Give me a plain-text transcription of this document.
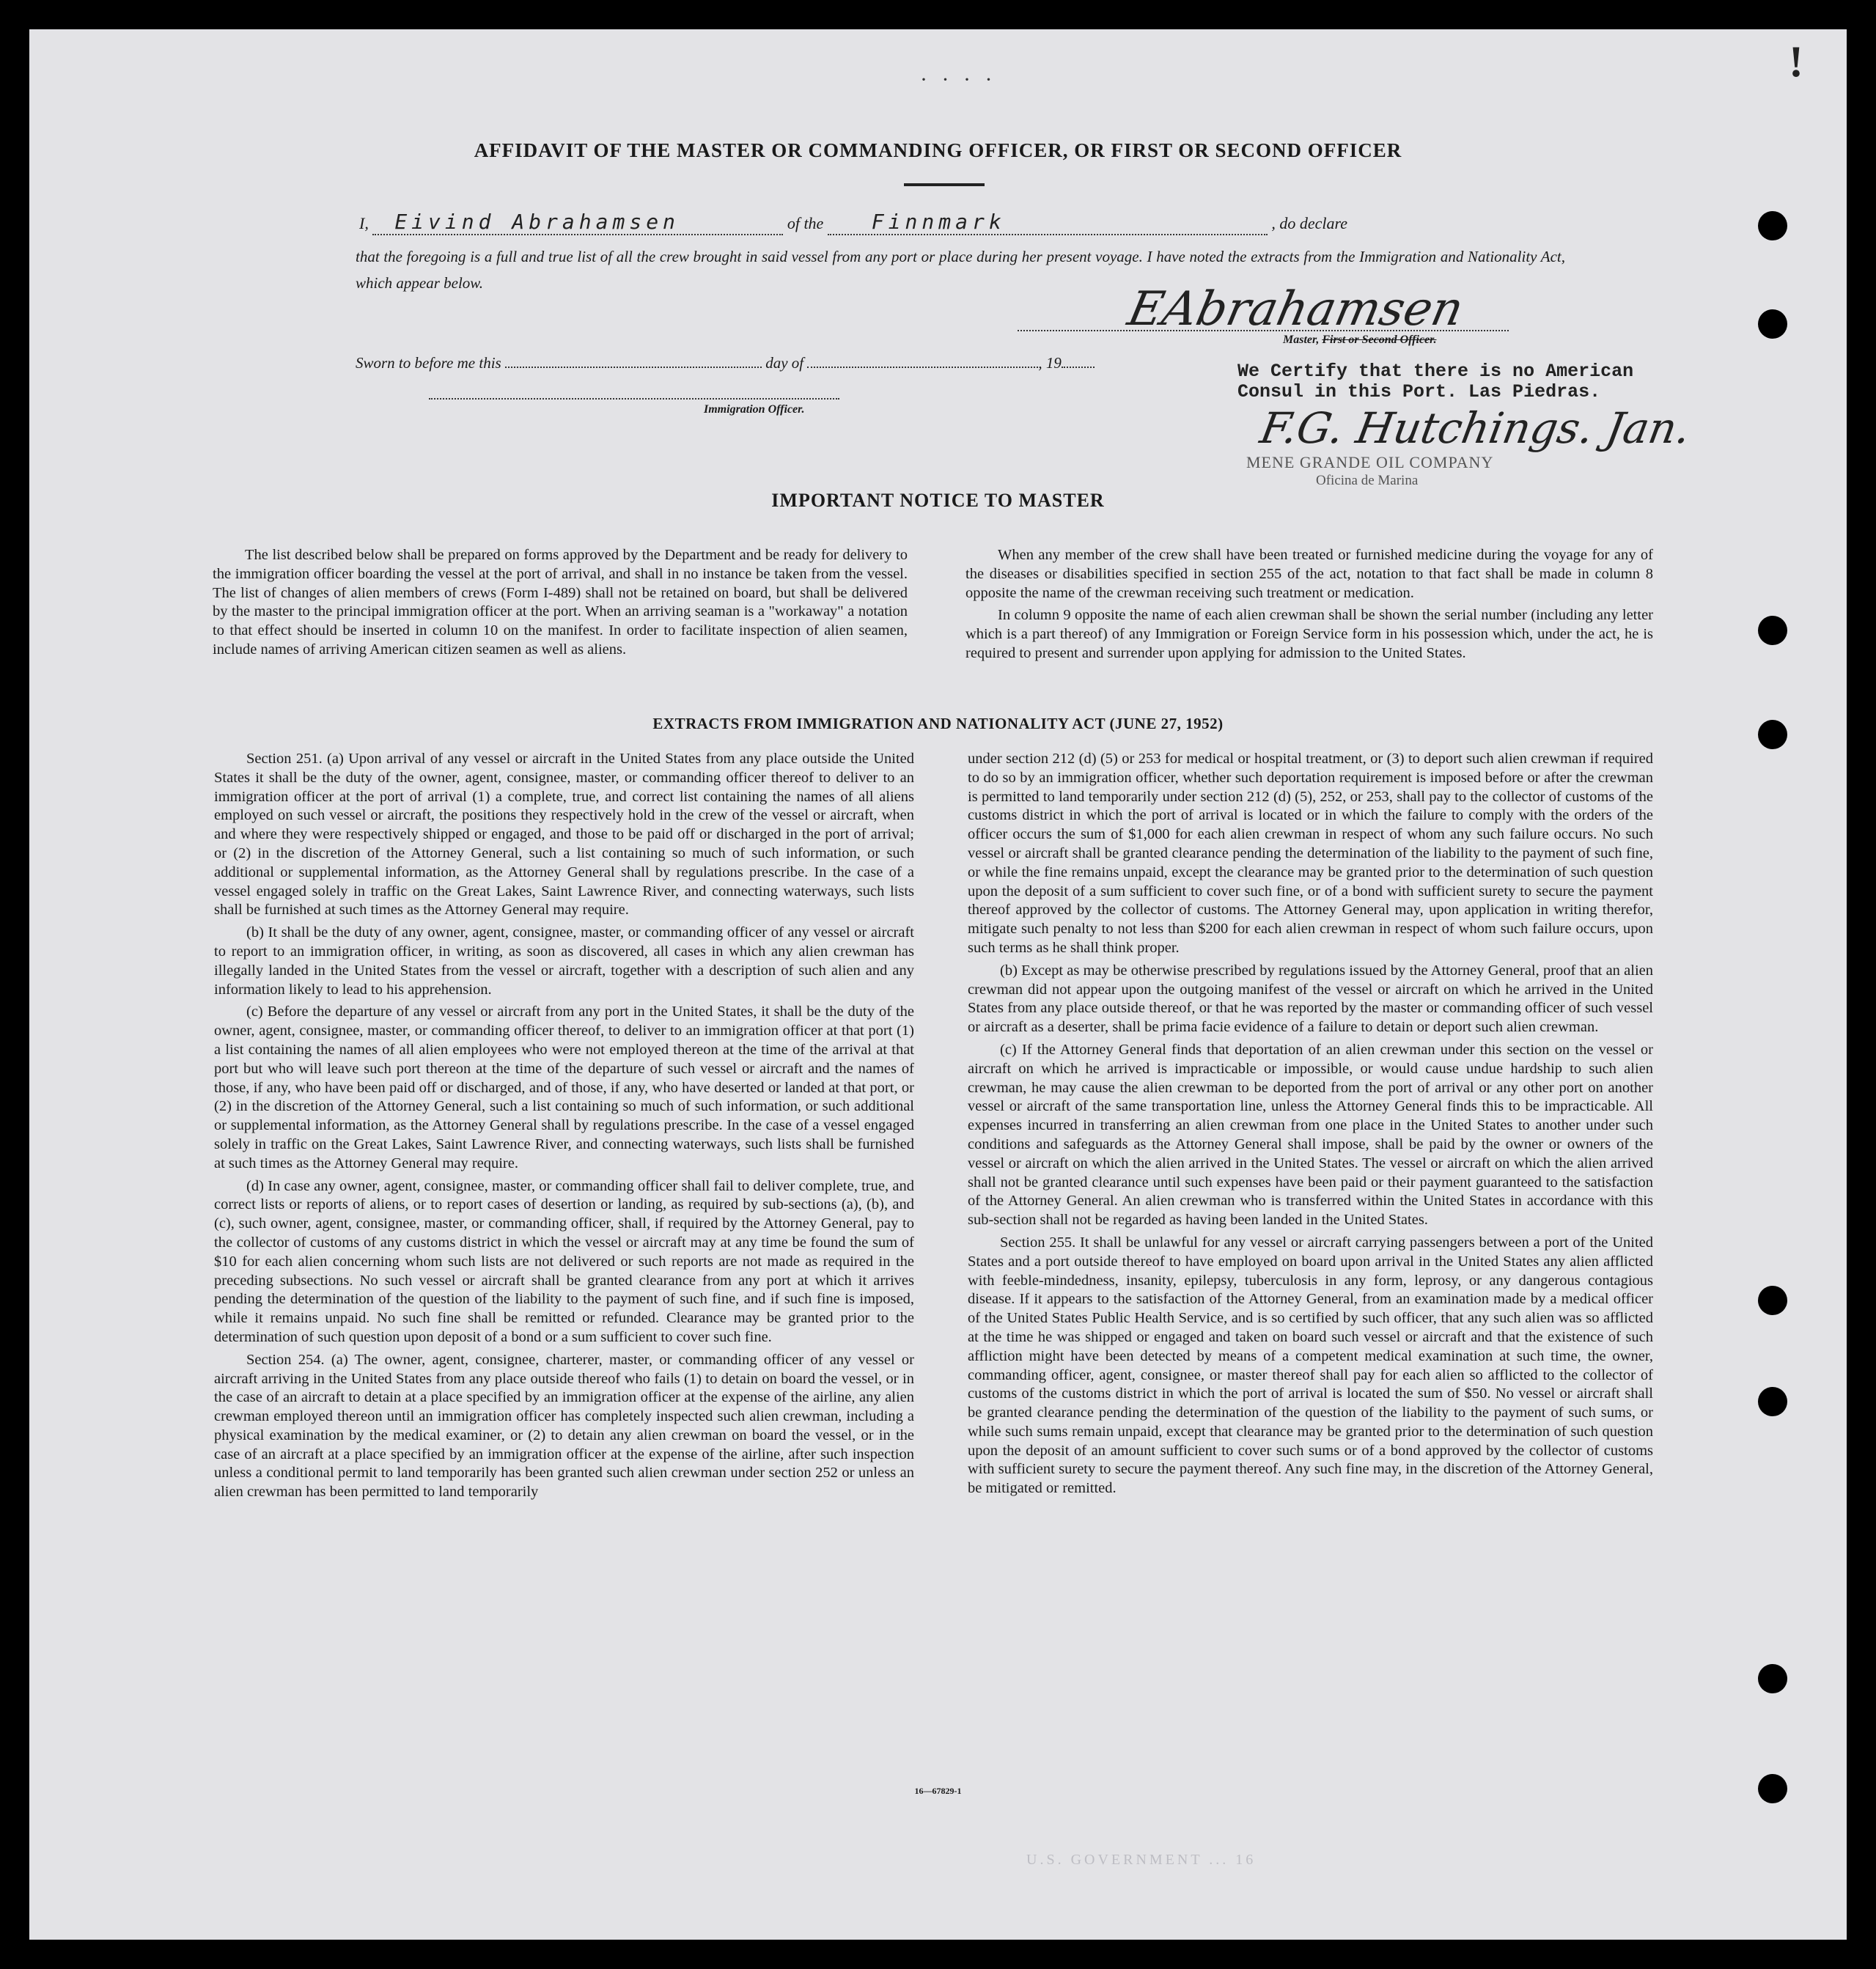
· · · ·	!
AFFIDAVIT OF THE MASTER OR COMMANDING OFFICER, OR FIRST OR SECOND OFFICER
I, Eivind Abrahamsen	of the Finnmark	, do declare
that the foregoing is a full and true list of all the crew brought in said vessel from any port or place during her present voyage. I have noted the extracts from the Immigration and Nationality Act, which appear below.	EAbrahamsen
Master, First or Second Officer.
Sworn to before me this	day of	, 19
Immigration Officer.
We Certify that there is no American
Consul in this Port. Las Piedras.
F.G. Hutchings. Jan.
MENE GRANDE OIL COMPANY
Oficina de Marina
IMPORTANT NOTICE TO MASTER

The list described below shall be prepared on forms approved by the Department and be ready for delivery to the immigration officer boarding the vessel at the port of arrival, and shall in no instance be taken from the vessel. The list of changes of alien members of crews (Form I-489) shall not be retained on board, but shall be delivered by the master to the principal immigration officer at the port. When an arriving seaman is a "workaway" a notation to that effect should be inserted in column 10 on the manifest. In order to facilitate inspection of alien seamen, include names of arriving American citizen seamen as well as aliens.

When any member of the crew shall have been treated or furnished medicine during the voyage for any of the diseases or disabilities specified in section 255 of the act, notation to that fact shall be made in column 8 opposite the name of the crewman receiving such treatment or medication.

In column 9 opposite the name of each alien crewman shall be shown the serial number (including any letter which is a part thereof) of any Immigration or Foreign Service form in his possession which, under the act, he is required to present and surrender upon applying for admission to the United States.

EXTRACTS FROM IMMIGRATION AND NATIONALITY ACT (JUNE 27, 1952)

Section 251. (a) Upon arrival of any vessel or aircraft in the United States from any place outside the United States it shall be the duty of the owner, agent, consignee, master, or commanding officer thereof to deliver to an immigration officer at the port of arrival (1) a complete, true, and correct list containing the names of all aliens employed on such vessel or aircraft, the positions they respectively hold in the crew of the vessel or aircraft, when and where they were respectively shipped or engaged, and those to be paid off or discharged in the port of arrival; or (2) in the discretion of the Attorney General, such a list containing so much of such information, or such additional or supplemental information, as the Attorney General shall by regulations prescribe. In the case of a vessel engaged solely in traffic on the Great Lakes, Saint Lawrence River, and connecting waterways, such lists shall be furnished at such times as the Attorney General may require.

(b) It shall be the duty of any owner, agent, consignee, master, or commanding officer of any vessel or aircraft to report to an immigration officer, in writing, as soon as discovered, all cases in which any alien crewman has illegally landed in the United States from the vessel or aircraft, together with a description of such alien and any information likely to lead to his apprehension.

(c) Before the departure of any vessel or aircraft from any port in the United States, it shall be the duty of the owner, agent, consignee, master, or commanding officer thereof, to deliver to an immigration officer at that port (1) a list containing the names of all alien employees who were not employed thereon at the time of the arrival at that port but who will leave such port thereon at the time of the departure of such vessel or aircraft and the names of those, if any, who have been paid off or discharged, and of those, if any, who have deserted or landed at that port, or (2) in the discretion of the Attorney General, such a list containing so much of such information, or such additional or supplemental information, as the Attorney General shall by regulations prescribe. In the case of a vessel engaged solely in traffic on the Great Lakes, Saint Lawrence River, and connecting waterways, such lists shall be furnished at such times as the Attorney General may require.

(d) In case any owner, agent, consignee, master, or commanding officer shall fail to deliver complete, true, and correct lists or reports of aliens, or to report cases of desertion or landing, as required by sub-sections (a), (b), and (c), such owner, agent, consignee, master, or commanding officer, shall, if required by the Attorney General, pay to the collector of customs of any customs district in which the vessel or aircraft may at any time be found the sum of $10 for each alien concerning whom such lists are not delivered or such reports are not made as required in the preceding subsections. No such vessel or aircraft shall be granted clearance from any port at which it arrives pending the determination of the question of the liability to the payment of such fine, and if such fine is imposed, while it remains unpaid. No such fine shall be remitted or refunded. Clearance may be granted prior to the determination of such question upon deposit of a bond or a sum sufficient to cover such fine.

Section 254. (a) The owner, agent, consignee, charterer, master, or commanding officer of any vessel or aircraft arriving in the United States from any place outside thereof who fails (1) to detain on board the vessel, or in the case of an aircraft to detain at a place specified by an immigration officer at the expense of the airline, any alien crewman employed thereon until an immigration officer has completely inspected such alien crewman, including a physical examination by the medical examiner, or (2) to detain any alien crewman on board the vessel, or in the case of an aircraft at a place specified by an immigration officer at the expense of the airline, after such inspection unless a conditional permit to land temporarily has been granted such alien crewman under section 252 or unless an alien crewman has been permitted to land temporarily

under section 212 (d) (5) or 253 for medical or hospital treatment, or (3) to deport such alien crewman if required to do so by an immigration officer, whether such deportation requirement is imposed before or after the crewman is permitted to land temporarily under section 212 (d) (5), 252, or 253, shall pay to the collector of customs of the customs district in which the port of arrival is located or in which the failure to comply with the orders of the officer occurs the sum of $1,000 for each alien crewman in respect of whom any such failure occurs. No such vessel or aircraft shall be granted clearance pending the determination of the liability to the payment of such fine, or while the fine remains unpaid, except the clearance may be granted prior to the determination of such question upon the deposit of a sum sufficient to cover such fine, or of a bond with sufficient surety to secure the payment thereof approved by the collector of customs. The Attorney General may, upon application in writing therefor, mitigate such penalty to not less than $200 for each alien crewman in respect of whom such failure occurs, upon such terms as he shall think proper.

(b) Except as may be otherwise prescribed by regulations issued by the Attorney General, proof that an alien crewman did not appear upon the outgoing manifest of the vessel or aircraft on which he arrived in the United States from any place outside thereof, or that he was reported by the master or commanding officer of such vessel or aircraft as a deserter, shall be prima facie evidence of a failure to detain or deport such alien crewman.

(c) If the Attorney General finds that deportation of an alien crewman under this section on the vessel or aircraft on which he arrived is impracticable or impossible, or would cause undue hardship to such alien crewman, he may cause the alien crewman to be deported from the port of arrival or any other port on another vessel or aircraft of the same transportation line, unless the Attorney General finds this to be impracticable. All expenses incurred in transferring an alien crewman from one place in the United States to another under such conditions and safeguards as the Attorney General shall impose, shall be paid by the owner or owners of the vessel or aircraft on which the alien arrived in the United States. The vessel or aircraft on which the alien arrived shall not be granted clearance until such expenses have been paid or their payment guaranteed to the satisfaction of the Attorney General. An alien crewman who is transferred within the United States in accordance with this sub-section shall not be regarded as having been landed in the United States.

Section 255. It shall be unlawful for any vessel or aircraft carrying passengers between a port of the United States and a port outside thereof to have employed on board upon arrival in the United States any alien afflicted with feeble-mindedness, insanity, epilepsy, tuberculosis in any form, leprosy, or any dangerous contagious disease. If it appears to the satisfaction of the Attorney General, from an examination made by a medical officer of the United States Public Health Service, and is so certified by such officer, that any such alien was so afflicted at the time he was shipped or engaged and taken on board such vessel or aircraft and that the existence of such affliction might have been detected by means of a competent medical examination at such time, the owner, commanding officer, agent, consignee, or master thereof shall pay for each alien so afflicted to the collector of customs of the customs district in which the port of arrival is located the sum of $50. No vessel or aircraft shall be granted clearance pending the determination of the question of the liability to the payment of such sums, or while such sums remain unpaid, except that clearance may be granted prior to the determination of such question upon the deposit of an amount sufficient to cover such sums or of a bond approved by the collector of customs with sufficient surety to secure the payment thereof. Any such fine may, in the discretion of the Attorney General, be mitigated or remitted.

16—67829-1
U.S. GOVERNMENT ... 16
